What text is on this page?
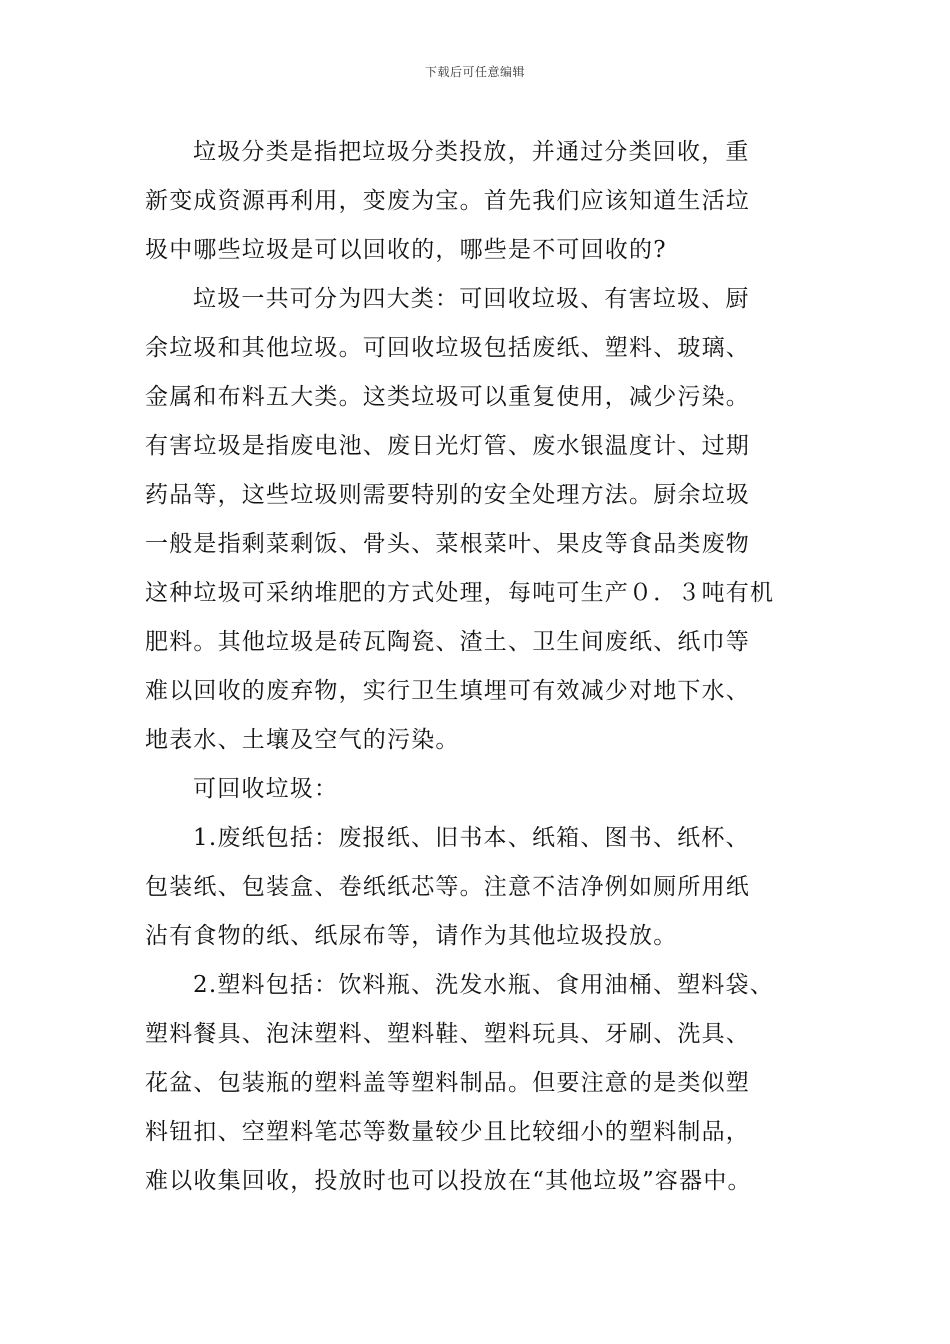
下载后可任意编辑
垃圾分类是指把垃圾分类投放，并通过分类回收，重
新变成资源再利用，变废为宝。首先我们应该知道生活垃
圾中哪些垃圾是可以回收的，哪些是不可回收的?
垃圾一共可分为四大类：可回收垃圾、有害垃圾、厨
余垃圾和其他垃圾。可回收垃圾包括废纸、塑料、玻璃、
金属和布料五大类。这类垃圾可以重复使用，减少污染。
有害垃圾是指废电池、废日光灯管、废水银温度计、过期
药品等，这些垃圾则需要特别的安全处理方法。厨余垃圾
一般是指剩菜剩饭、骨头、菜根菜叶、果皮等食品类废物
这种垃圾可采纳堆肥的方式处理，每吨可生产０．３吨有机
肥料。其他垃圾是砖瓦陶瓷、渣土、卫生间废纸、纸巾等
难以回收的废弃物，实行卫生填埋可有效减少对地下水、
地表水、土壤及空气的污染。
可回收垃圾：
1.废纸包括：废报纸、旧书本、纸箱、图书、纸杯、
包装纸、包装盒、卷纸纸芯等。注意不洁净例如厕所用纸
沾有食物的纸、纸尿布等，请作为其他垃圾投放。
2.塑料包括：饮料瓶、洗发水瓶、食用油桶、塑料袋、
塑料餐具、泡沫塑料、塑料鞋、塑料玩具、牙刷、洗具、
花盆、包装瓶的塑料盖等塑料制品。但要注意的是类似塑
料钮扣、空塑料笔芯等数量较少且比较细小的塑料制品，
难以收集回收，投放时也可以投放在“其他垃圾”容器中。
